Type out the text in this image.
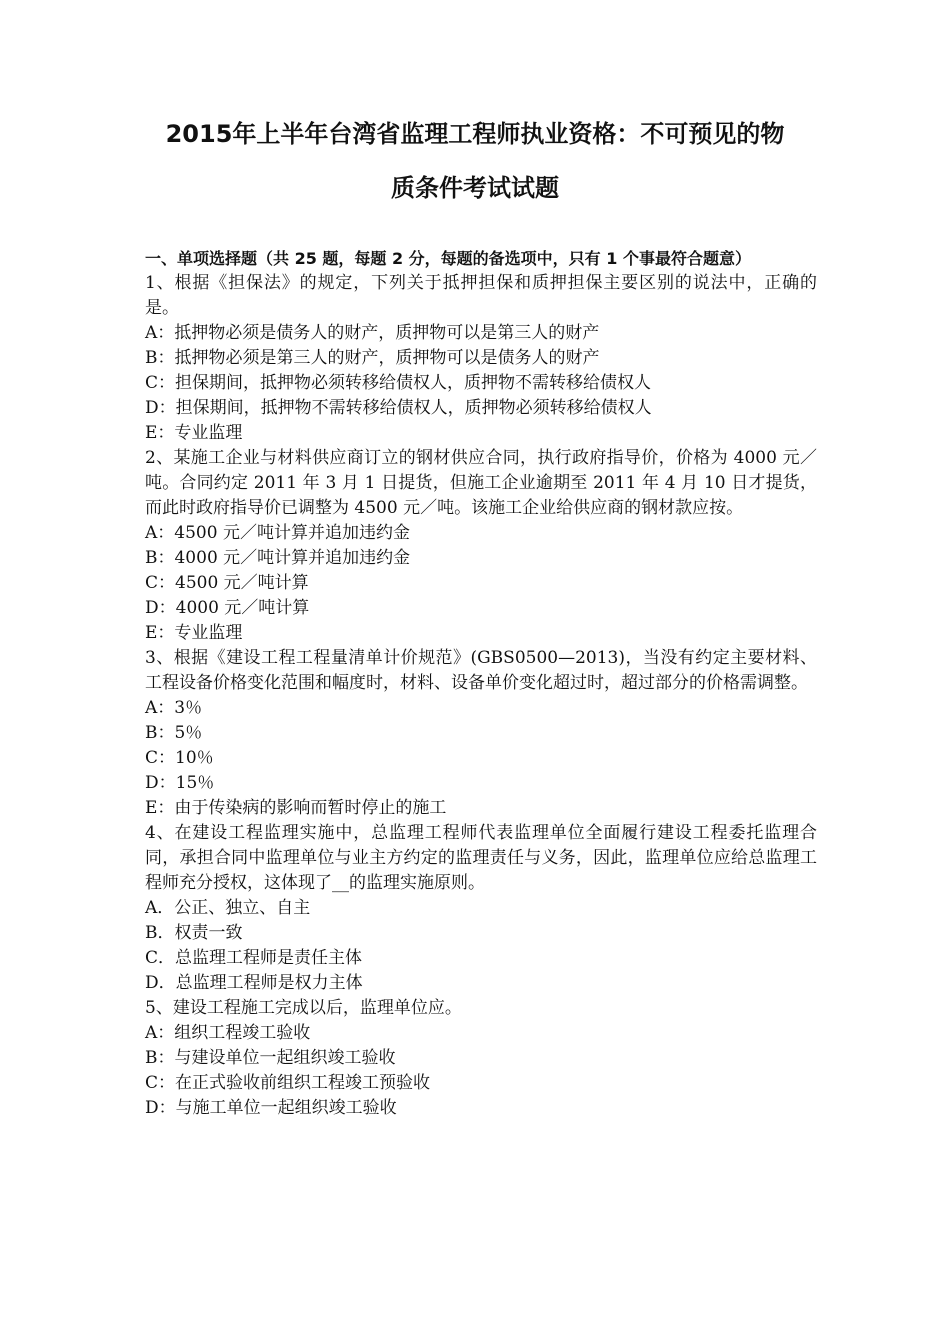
2015年上半年台湾省监理工程师执业资格：不可预见的物
质条件考试试题
一、单项选择题（共 25 题，每题 2 分，每题的备选项中，只有 1 个事最符合题意）
1、根据《担保法》的规定，下列关于抵押担保和质押担保主要区别的说法中，正确的是。
A：抵押物必须是债务人的财产，质押物可以是第三人的财产
B：抵押物必须是第三人的财产，质押物可以是债务人的财产
C：担保期间，抵押物必须转移给债权人，质押物不需转移给债权人
D：担保期间，抵押物不需转移给债权人，质押物必须转移给债权人
E：专业监理
2、某施工企业与材料供应商订立的钢材供应合同，执行政府指导价，价格为 4000 元／吨。合同约定 2011 年 3 月 1 日提货，但施工企业逾期至 2011 年 4 月 10 日才提货，而此时政府指导价已调整为 4500 元／吨。该施工企业给供应商的钢材款应按。
A：4500 元／吨计算并追加违约金
B：4000 元／吨计算并追加违约金
C：4500 元／吨计算
D：4000 元／吨计算
E：专业监理
3、根据《建设工程工程量清单计价规范》(GBS0500—2013)，当没有约定主要材料、工程设备价格变化范围和幅度时，材料、设备单价变化超过时，超过部分的价格需调整。
A：3％
B：5％
C：10％
D：15％
E：由于传染病的影响而暂时停止的施工
4、在建设工程监理实施中，总监理工程师代表监理单位全面履行建设工程委托监理合同，承担合同中监理单位与业主方约定的监理责任与义务，因此，监理单位应给总监理工程师充分授权，这体现了__的监理实施原则。
A．公正、独立、自主
B．权责一致
C．总监理工程师是责任主体
D．总监理工程师是权力主体
5、建设工程施工完成以后，监理单位应。
A：组织工程竣工验收
B：与建设单位一起组织竣工验收
C：在正式验收前组织工程竣工预验收
D：与施工单位一起组织竣工验收
